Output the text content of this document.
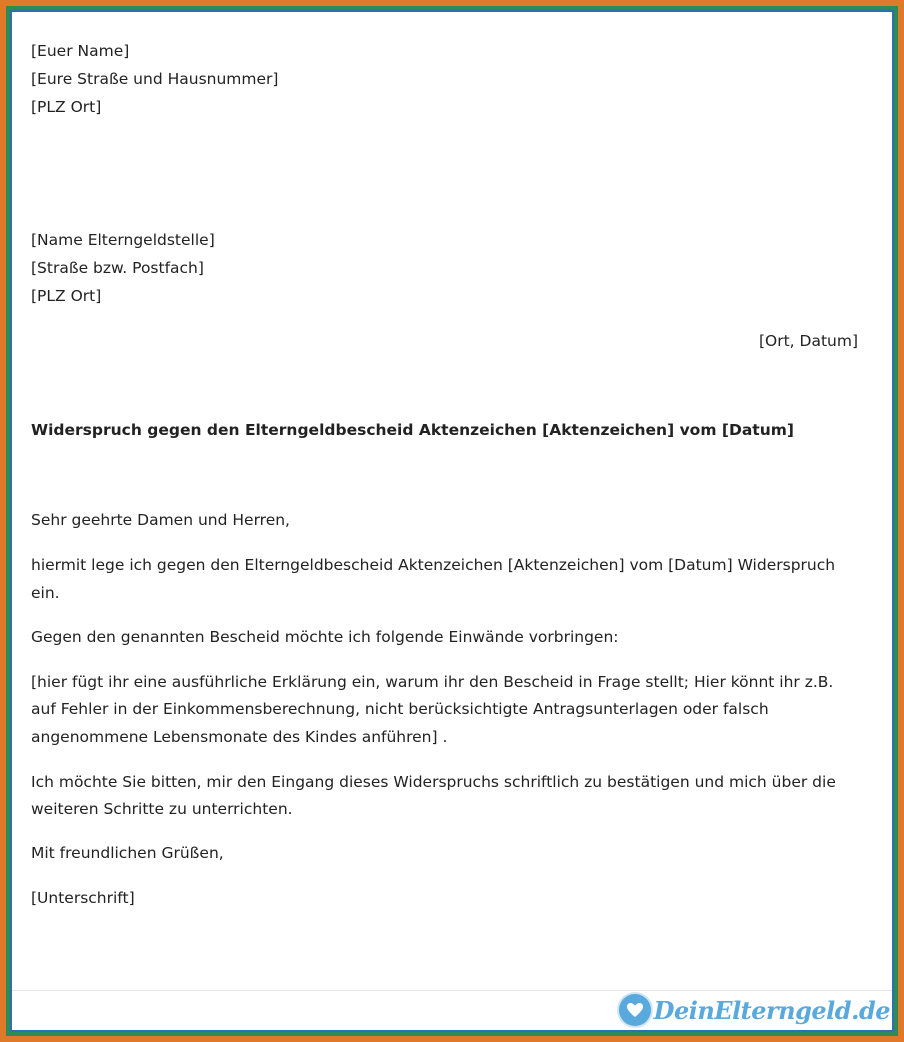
[Euer Name]
[Eure Straße und Hausnummer]
[PLZ Ort]
[Name Elterngeldstelle]
[Straße bzw. Postfach]
[PLZ Ort]
[Ort, Datum]
Widerspruch gegen den Elterngeldbescheid Aktenzeichen [Aktenzeichen] vom [Datum]
Sehr geehrte Damen und Herren,
hiermit lege ich gegen den Elterngeldbescheid Aktenzeichen [Aktenzeichen] vom [Datum] Widerspruch
ein.
Gegen den genannten Bescheid möchte ich folgende Einwände vorbringen:
[hier fügt ihr eine ausführliche Erklärung ein, warum ihr den Bescheid in Frage stellt; Hier könnt ihr z.B.
auf Fehler in der Einkommensberechnung, nicht berücksichtigte Antragsunterlagen oder falsch
angenommene Lebensmonate des Kindes anführen] .
Ich möchte Sie bitten, mir den Eingang dieses Widerspruchs schriftlich zu bestätigen und mich über die
weiteren Schritte zu unterrichten.
Mit freundlichen Grüßen,
[Unterschrift]
DeinElterngeld.de
